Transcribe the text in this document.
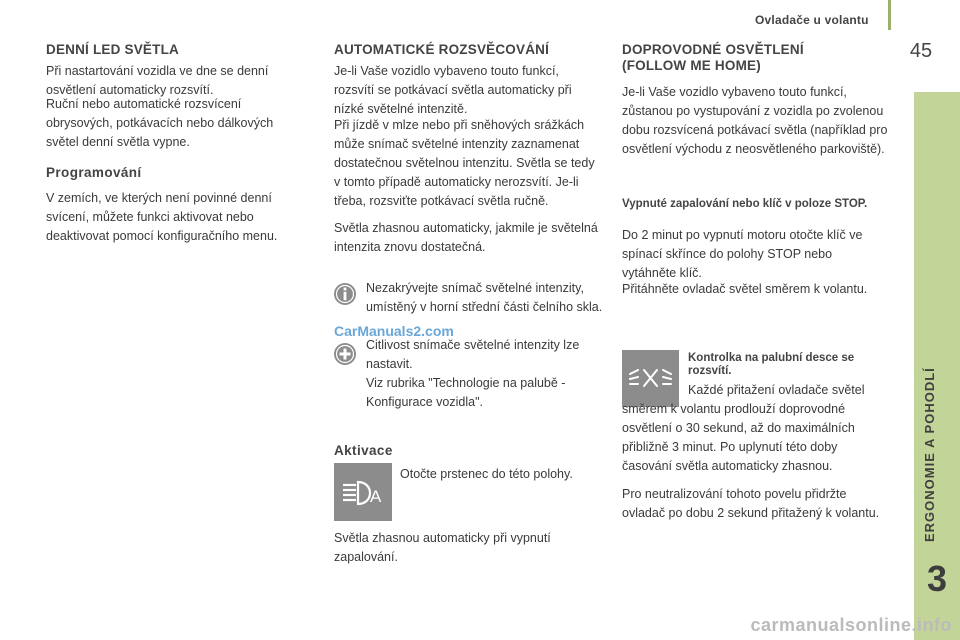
Ovladače u volantu
45
ERGONOMIE A POHODLÍ
3
DENNÍ LED SVĚTLA

Při nastartování vozidla ve dne se denní osvětlení automaticky rozsvítí.

Ruční nebo automatické rozsvícení obrysových, potkávacích nebo dálkových světel denní světla vypne.

Programování

V zemích, ve kterých není povinné denní svícení, můžete funkci aktivovat nebo deaktivovat pomocí konfiguračního menu.

AUTOMATICKÉ ROZSVĚCOVÁNÍ

Je-li Vaše vozidlo vybaveno touto funkcí, rozsvítí se potkávací světla automaticky při nízké světelné intenzitě.

Při jízdě v mlze nebo při sněhových srážkách může snímač světelné intenzity zaznamenat dostatečnou světelnou intenzitu. Světla se tedy v tomto případě automaticky nerozsvítí. Je-li třeba, rozsviťte potkávací světla ručně.

Světla zhasnou automaticky, jakmile je světelná intenzita znovu dostatečná.

Nezakrývejte snímač světelné intenzity, umístěný v horní střední části čelního skla.

CarManuals2.com

Citlivost snímače světelné intenzity lze nastavit.

Viz rubrika "Technologie na palubě - Konfigurace vozidla".

Aktivace
A

Otočte prstenec do této polohy.

Světla zhasnou automaticky při vypnutí zapalování.

DOPROVODNÉ OSVĚTLENÍ (FOLLOW ME HOME)

Je-li Vaše vozidlo vybaveno touto funkcí, zůstanou po vystupování z vozidla po zvolenou dobu rozsvícená potkávací světla (například pro osvětlení východu z neosvětleného parkoviště).

Vypnuté zapalování nebo klíč v poloze STOP.

Do 2 minut po vypnutí motoru otočte klíč ve spínací skřínce do polohy STOP nebo vytáhněte klíč.

Přitáhněte ovladač světel směrem k volantu.

Kontrolka na palubní desce se rozsvítí.

Každé přitažení ovladače světel směrem k volantu prodlouží doprovodné osvětlení o 30 sekund, až do maximálních přibližně 3 minut. Po uplynutí této doby časování světla automaticky zhasnou.

Pro neutralizování tohoto povelu přidržte ovladač po dobu 2 sekund přitažený k volantu.

carmanualsonline.info
